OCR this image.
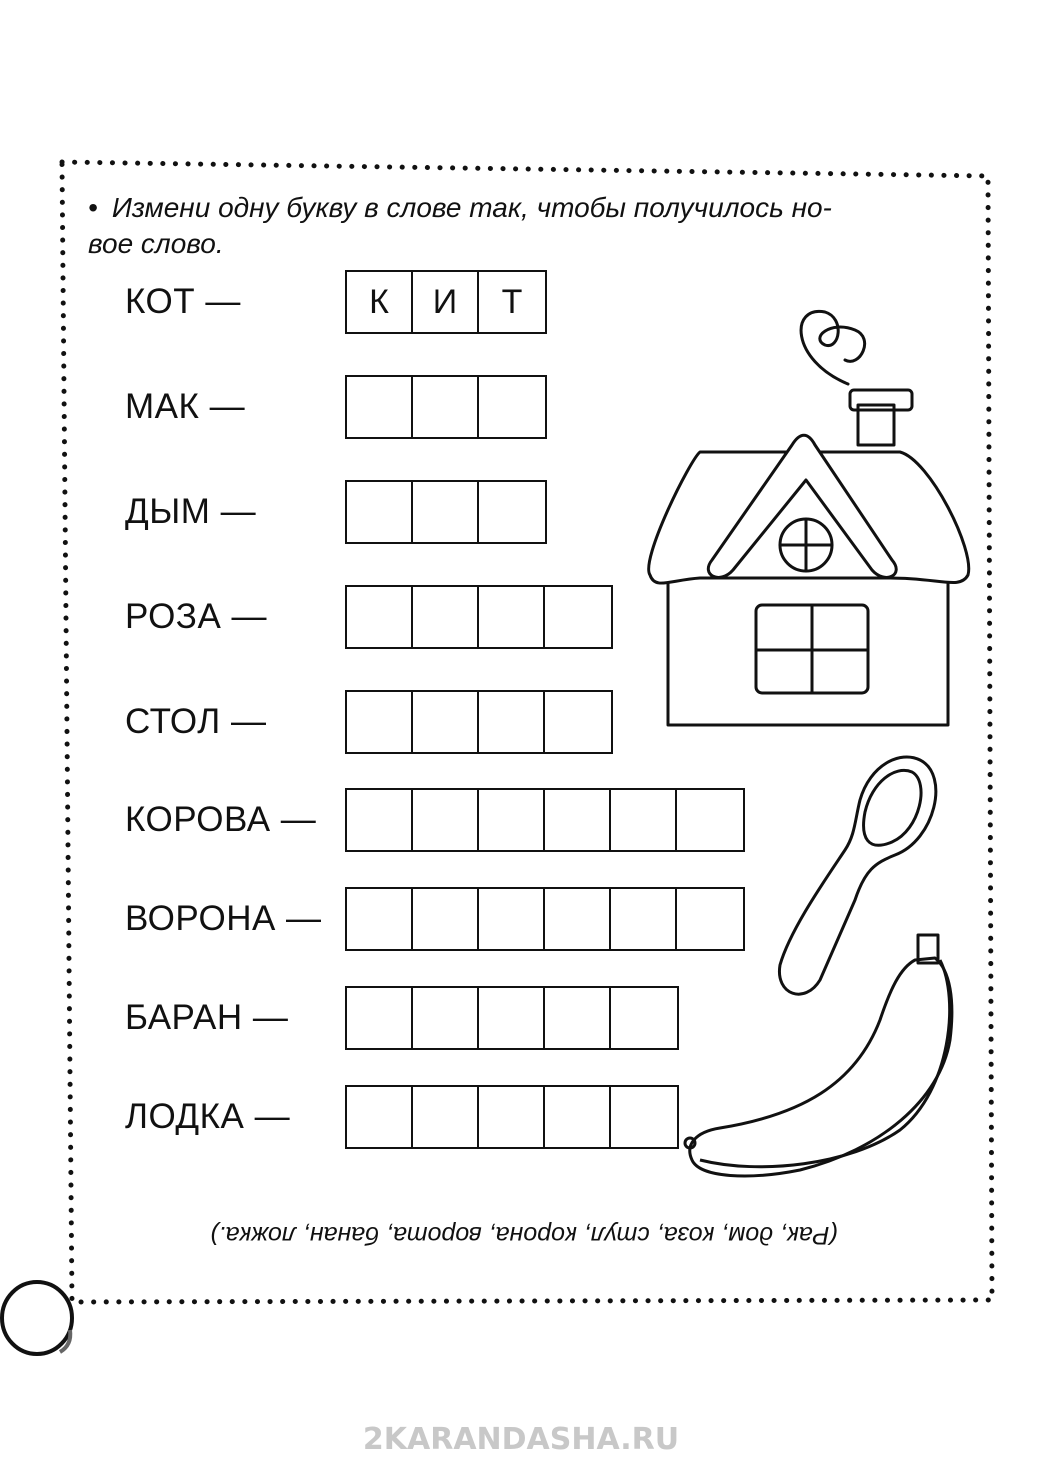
• Измени одну букву в слове так, чтобы получилось но-
вое слово.
КОТ —	К	И	Т
МАК —
ДЫМ —
РОЗА —
СТОЛ —
КОРОВА —
ВОРОНА —
БАРАН —
ЛОДКА —
(Рак, дом, коза, стул, корона, ворота, банан, ложка.)
2KARANDASHA.RU
